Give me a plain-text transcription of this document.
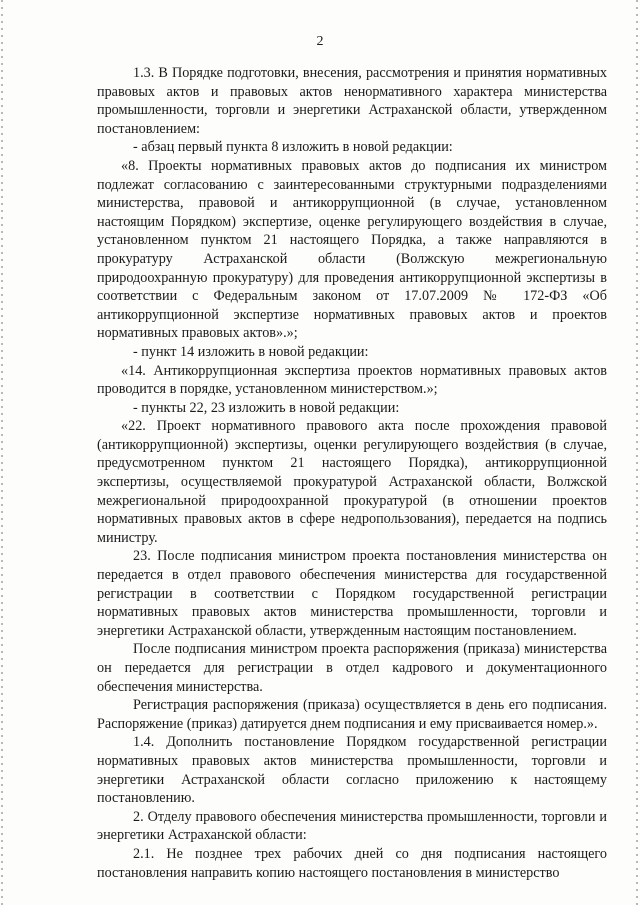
2

1.3. В Порядке подготовки, внесения, рассмотрения и принятия нормативных правовых актов и правовых актов ненормативного характера министерства промышленности, торговли и энергетики Астраханской области, утвержденном постановлением:

- абзац первый пункта 8 изложить в новой редакции:

«8. Проекты нормативных правовых актов до подписания их министром подлежат согласованию с заинтересованными структурными подразделениями министерства, правовой и антикоррупционной (в случае, установленном настоящим Порядком) экспертизе, оценке регулирующего воздействия в случае, установленном пунктом 21 настоящего Порядка, а также направляются в прокуратуру Астраханской области (Волжскую межрегиональную природоохранную прокуратуру) для проведения антикоррупционной экспертизы в соответствии с Федеральным законом от 17.07.2009 № 172-ФЗ «Об антикоррупционной экспертизе нормативных правовых актов и проектов нормативных правовых актов».»;

- пункт 14 изложить в новой редакции:

«14. Антикоррупционная экспертиза проектов нормативных правовых актов проводится в порядке, установленном министерством.»;

- пункты 22, 23 изложить в новой редакции:

«22. Проект нормативного правового акта после прохождения правовой (антикоррупционной) экспертизы, оценки регулирующего воздействия (в случае, предусмотренном пунктом 21 настоящего Порядка), антикоррупционной экспертизы, осуществляемой прокуратурой Астраханской области, Волжской межрегиональной природоохранной прокуратурой (в отношении проектов нормативных правовых актов в сфере недропользования), передается на подпись министру.

23. После подписания министром проекта постановления министерства он передается в отдел правового обеспечения министерства для государственной регистрации в соответствии с Порядком государственной регистрации нормативных правовых актов министерства промышленности, торговли и энергетики Астраханской области, утвержденным настоящим постановлением.

После подписания министром проекта распоряжения (приказа) министерства он передается для регистрации в отдел кадрового и документационного обеспечения министерства.

Регистрация распоряжения (приказа) осуществляется в день его подписания. Распоряжение (приказ) датируется днем подписания и ему присваивается номер.».

1.4. Дополнить постановление Порядком государственной регистрации нормативных правовых актов министерства промышленности, торговли и энергетики Астраханской области согласно приложению к настоящему постановлению.

2. Отделу правового обеспечения министерства промышленности, торговли и энергетики Астраханской области:

2.1. Не позднее трех рабочих дней со дня подписания настоящего постановления направить копию настоящего постановления в министерство
